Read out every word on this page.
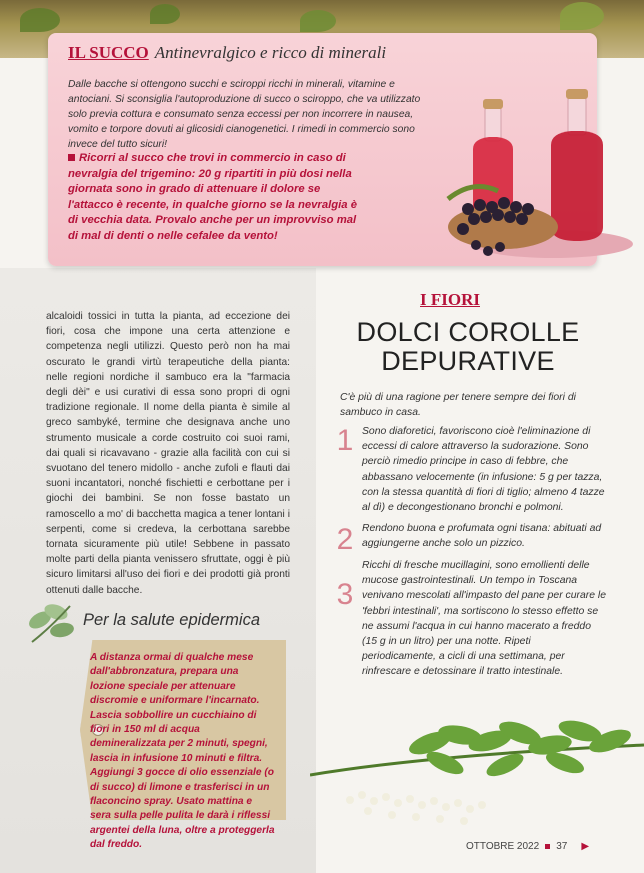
IL SUCCO Antinevralgico e ricco di minerali
Dalle bacche si ottengono succhi e sciroppi ricchi in minerali, vitamine e antociani. Si sconsiglia l'autoproduzione di succo o sciroppo, che va utilizzato solo previa cottura e consumato senza eccessi per non incorrere in nausea, vomito e torpore dovuti ai glicosidi cianogenetici. I rimedi in commercio sono invece del tutto sicuri!
Ricorri al succo che trovi in commercio in caso di nevralgia del trigemino: 20 g ripartiti in più dosi nella giornata sono in grado di attenuare il dolore se l'attacco è recente, in qualche giorno se la nevralgia è di vecchia data. Provalo anche per un improvviso mal di mal di denti o nelle cefalee da vento!
alcaloidi tossici in tutta la pianta, ad eccezione dei fiori, cosa che impone una certa attenzione e competenza negli utilizzi. Questo però non ha mai oscurato le grandi virtù terapeutiche della pianta: nelle regioni nordiche il sambuco era la "farmacia degli dèi" e usi curativi di essa sono propri di ogni tradizione regionale. Il nome della pianta è simile al greco sambyké, termine che designava anche uno strumento musicale a corde costruito coi suoi rami, dai quali si ricavavano - grazie alla facilità con cui si svuotano del tenero midollo - anche zufoli e flauti dai suoni incantatori, nonché fischietti e cerbottane per i giochi dei bambini. Se non fosse bastato un ramoscello a mo' di bacchetta magica a tener lontani i serpenti, come si credeva, la cerbottana sarebbe tornata sicuramente più utile! Sebbene in passato molte parti della pianta venissero sfruttate, oggi è più sicuro limitarsi all'uso dei fiori e dei prodotti già pronti ottenuti dalle bacche.
Per la salute epidermica
A distanza ormai di qualche mese dall'abbronzatura, prepara una lozione speciale per attenuare discromie e uniformare l'incarnato. Lascia sobbollire un cucchiaino di fiori in 150 ml di acqua demineralizzata per 2 minuti, spegni, lascia in infusione 10 minuti e filtra. Aggiungi 3 gocce di olio essenziale (o di succo) di limone e trasferisci in un flaconcino spray. Usato mattina e sera sulla pelle pulita le darà i riflessi argentei della luna, oltre a proteggerla dal freddo.
I FIORI
DOLCI COROLLE
DEPURATIVE
C'è più di una ragione per tenere sempre dei fiori di sambuco in casa.
1 Sono diaforetici, favoriscono cioè l'eliminazione di eccessi di calore attraverso la sudorazione. Sono perciò rimedio principe in caso di febbre, che abbassano velocemente (in infusione: 5 g per tazza, con la stessa quantità di fiori di tiglio; almeno 4 tazze al dì) e decongestionano bronchi e polmoni.
2 Rendono buona e profumata ogni tisana: abituati ad aggiungerne anche solo un pizzico.
3
Ricchi di fresche mucillagini, sono emollienti delle mucose gastrointestinali. Un tempo in Toscana venivano mescolati all'impasto del pane per curare le 'febbri intestinali', ma sortiscono lo stesso effetto se ne assumi l'acqua in cui hanno macerato a freddo (15 g in un litro) per una notte. Ripeti periodicamente, a cicli di una settimana, per rinfrescare e detossinare il tratto intestinale.
OTTOBRE 2022 37 ▶
